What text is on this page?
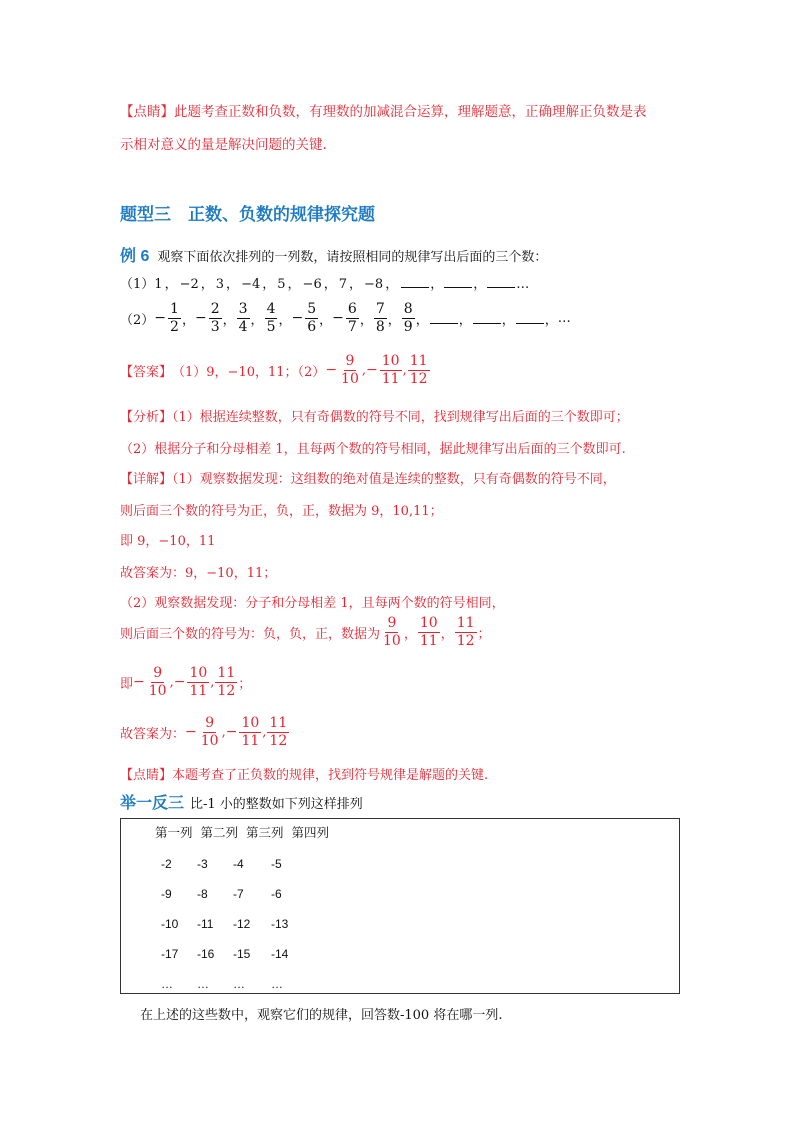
【点睛】此题考查正数和负数，有理数的加减混合运算，理解题意，正确理解正负数是表
示相对意义的量是解决问题的关键.
题型三　正数、负数的规律探究题
例 6 观察下面依次排列的一列数，请按照相同的规律写出后面的三个数：
（1）1 ， −2 ， 3 ， −4 ， 5 ， −6 ， 7 ， −8 ， ， ， …
$(2) - \frac{1}{2}$ ， − $\frac{2}{3}$ ， $\frac{3}{4}$ ， $\frac{4}{5}$ ， − $\frac{5}{6}$ ， − $\frac{6}{7}$ ， $\frac{7}{8}$ ， $\frac{8}{9}$ ， ， ， ， …
【答案】 （1）9，−10，11；$(2) - \frac{9}{10}$ , − $\frac{10}{11}$ , $\frac{11}{12}$
【分析】（1）根据连续整数，只有奇偶数的符号不同，找到规律写出后面的三个数即可；
（2）根据分子和分母相差 1，且每两个数的符号相同，据此规律写出后面的三个数即可.
【详解】（1）观察数据发现：这组数的绝对值是连续的整数，只有奇偶数的符号不同，
则后面三个数的符号为正，负，正，数据为 9，10,11；
即 9，−10，11
故答案为：9，−10，11；
（2）观察数据发现：分子和分母相差 1，且每两个数的符号相同，
则后面三个数的符号为：负，负，正，数据为 $\frac{9}{10}$ ， $\frac{10}{11}$ ， $\frac{11}{12}$ ；
即 − $\frac{9}{10}$ , − $\frac{10}{11}$ , $\frac{11}{12}$ ；
故答案为： − $\frac{9}{10}$ , − $\frac{10}{11}$ , $\frac{11}{12}$
【点睛】本题考查了正负数的规律，找到符号规律是解题的关键.
举一反三 比-1 小的整数如下列这样排列
第一列 第二列 第三列 第四列
-2 -3 -4 -5
-9 -8 -7 -6
-10 -11 -12 -13
-17 -16 -15 -14
… … … …
在上述的这些数中，观察它们的规律，回答数-100 将在哪一列.
